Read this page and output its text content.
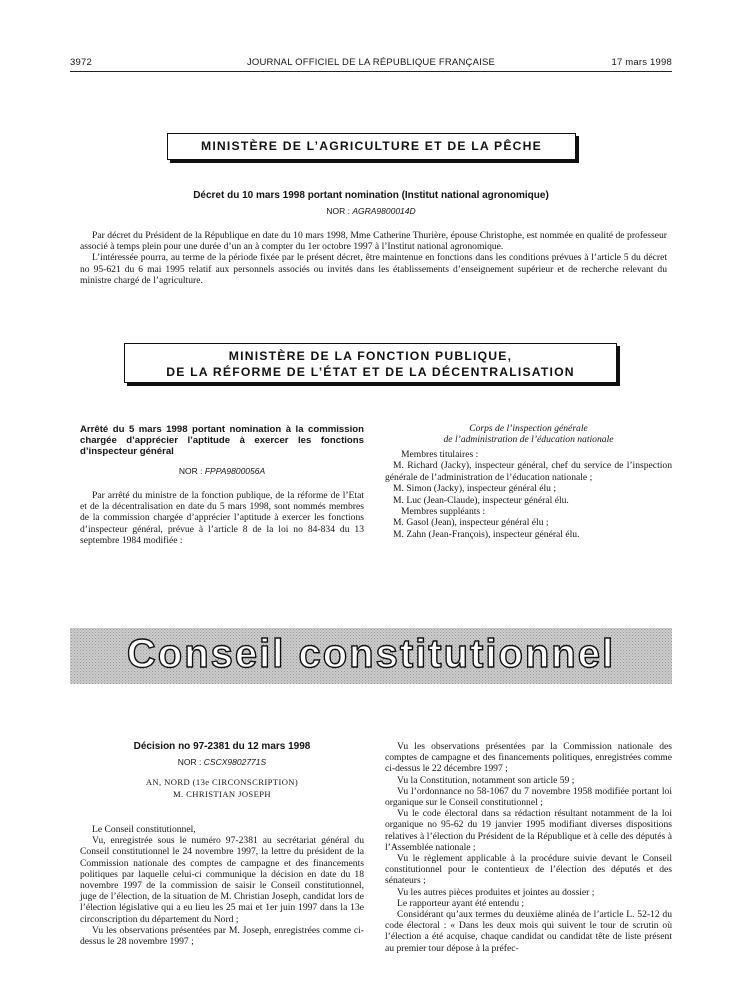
3972	JOURNAL OFFICIEL DE LA RÉPUBLIQUE FRANÇAISE	17 mars 1998
MINISTÈRE DE L’AGRICULTURE ET DE LA PÊCHE
Décret du 10 mars 1998 portant nomination (Institut national agronomique)
NOR : AGRA9800014D

Par décret du Président de la République en date du 10 mars 1998, Mme Catherine Thurière, épouse Christophe, est nommée en qualité de professeur associé à temps plein pour une durée d’un an à compter du 1er octobre 1997 à l’Institut national agronomique.

L’intéressée pourra, au terme de la période fixée par le présent décret, être maintenue en fonctions dans les conditions prévues à l’article 5 du décret no 95-621 du 6 mai 1995 relatif aux personnels associés ou invités dans les établissements d’enseignement supérieur et de recherche relevant du ministre chargé de l’agriculture.

MINISTÈRE DE LA FONCTION PUBLIQUE,
DE LA RÉFORME DE L’ÉTAT ET DE LA DÉCENTRALISATION
Arrêté du 5 mars 1998 portant nomination à la commission chargée d’apprécier l’aptitude à exercer les fonctions d’inspecteur général
NOR : FPPA9800056A

Par arrêté du ministre de la fonction publique, de la réforme de l’Etat et de la décentralisation en date du 5 mars 1998, sont nommés membres de la commission chargée d’apprécier l’aptitude à exercer les fonctions d’inspecteur général, prévue à l’article 8 de la loi no 84-834 du 13 septembre 1984 modifiée :

Corps de l’inspection générale
de l’administration de l’éducation nationale

Membres titulaires :

M. Richard (Jacky), inspecteur général, chef du service de l’inspection générale de l’administration de l’éducation nationale ;

M. Simon (Jacky), inspecteur général élu ;

M. Luc (Jean-Claude), inspecteur général élu.

Membres suppléants :

M. Gasol (Jean), inspecteur général élu ;

M. Zahn (Jean-François), inspecteur général élu.

Conseil constitutionnel
Décision no 97-2381 du 12 mars 1998
NOR : CSCX9802771S
AN, NORD (13e CIRCONSCRIPTION)
M. CHRISTIAN JOSEPH

Le Conseil constitutionnel,

Vu, enregistrée sous le numéro 97-2381 au secrétariat général du Conseil constitutionnel le 24 novembre 1997, la lettre du président de la Commission nationale des comptes de campagne et des financements politiques par laquelle celui-ci communique la décision en date du 18 novembre 1997 de la commission de saisir le Conseil constitutionnel, juge de l’élection, de la situation de M. Christian Joseph, candidat lors de l’élection législative qui a eu lieu les 25 mai et 1er juin 1997 dans la 13e circonscription du département du Nord ;

Vu les observations présentées par M. Joseph, enregistrées comme ci-dessus le 28 novembre 1997 ;

Vu les observations présentées par la Commission nationale des comptes de campagne et des financements politiques, enregistrées comme ci-dessus le 22 décembre 1997 ;

Vu la Constitution, notamment son article 59 ;

Vu l’ordonnance no 58-1067 du 7 novembre 1958 modifiée portant loi organique sur le Conseil constitutionnel ;

Vu le code électoral dans sa rédaction résultant notamment de la loi organique no 95-62 du 19 janvier 1995 modifiant diverses dispositions relatives à l’élection du Président de la République et à celle des députés à l’Assemblée nationale ;

Vu le règlement applicable à la procédure suivie devant le Conseil constitutionnel pour le contentieux de l’élection des députés et des sénateurs ;

Vu les autres pièces produites et jointes au dossier ;

Le rapporteur ayant été entendu ;

Considérant qu’aux termes du deuxième alinéa de l’article L. 52-12 du code électoral : « Dans les deux mois qui suivent le tour de scrutin où l’élection a été acquise, chaque candidat ou candidat tête de liste présent au premier tour dépose à la préfec-
